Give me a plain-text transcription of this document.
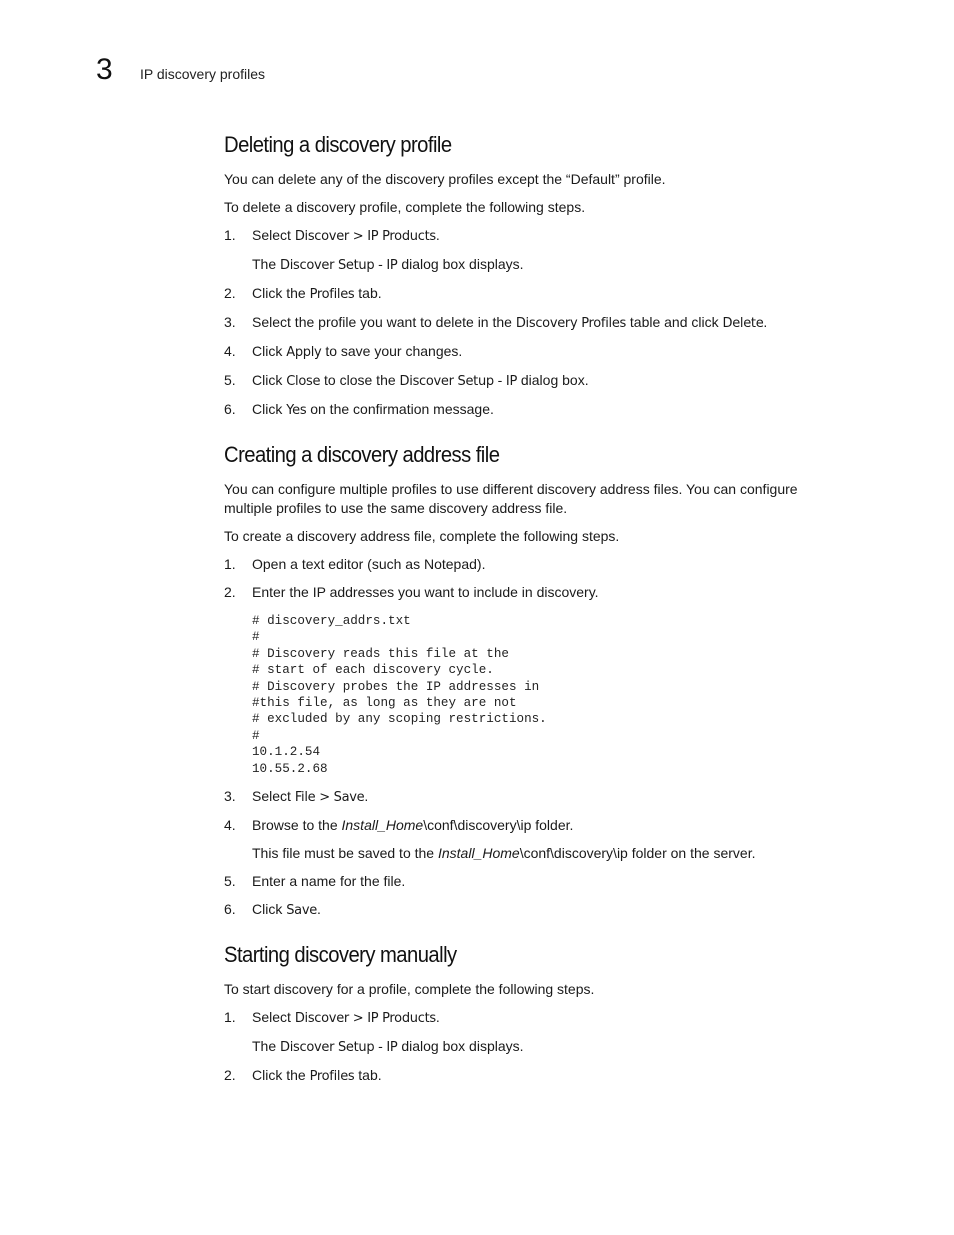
3 IP discovery profiles
Deleting a discovery profile

You can delete any of the discovery profiles except the “Default” profile.

To delete a discovery profile, complete the following steps.

1. Select Discover > IP Products.

The Discover Setup - IP dialog box displays.

2. Click the Profiles tab.

3. Select the profile you want to delete in the Discovery Profiles table and click Delete.

4. Click Apply to save your changes.

5. Click Close to close the Discover Setup - IP dialog box.

6. Click Yes on the confirmation message.

Creating a discovery address file

You can configure multiple profiles to use different discovery address files. You can configure multiple profiles to use the same discovery address file.

To create a discovery address file, complete the following steps.

1. Open a text editor (such as Notepad).

2. Enter the IP addresses you want to include in discovery.

# discovery_addrs.txt
#
# Discovery reads this file at the
# start of each discovery cycle.
# Discovery probes the IP addresses in
#this file, as long as they are not
# excluded by any scoping restrictions.
#
10.1.2.54
10.55.2.68

3. Select File > Save.

4. Browse to the Install_Home\conf\discovery\ip folder.

This file must be saved to the Install_Home\conf\discovery\ip folder on the server.

5. Enter a name for the file.

6. Click Save.

Starting discovery manually

To start discovery for a profile, complete the following steps.

1. Select Discover > IP Products.

The Discover Setup - IP dialog box displays.

2. Click the Profiles tab.
